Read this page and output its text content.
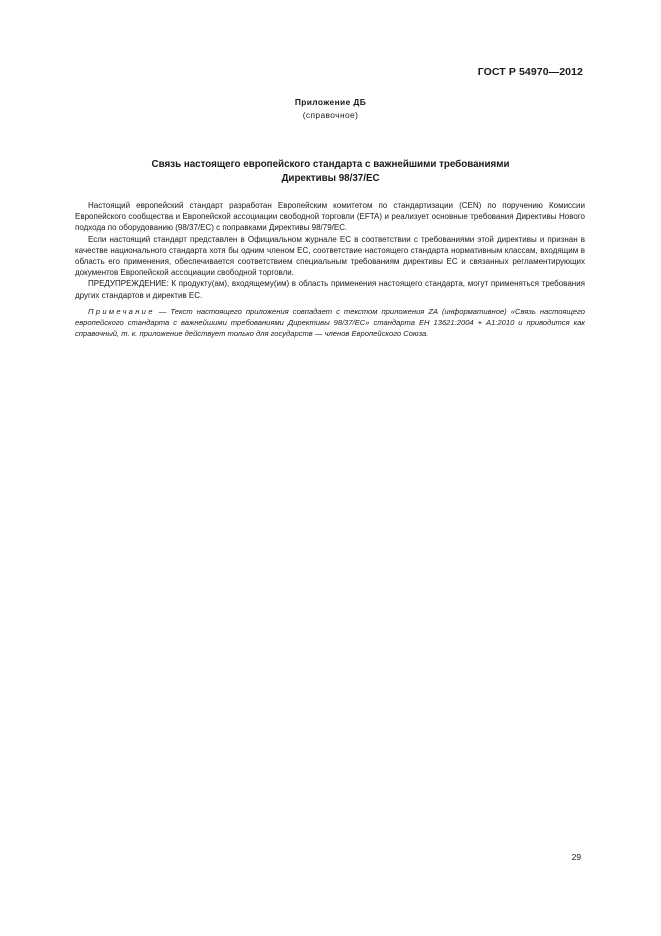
ГОСТ Р 54970—2012
Приложение ДБ
(справочное)
Связь настоящего европейского стандарта с важнейшими требованиями
Директивы 98/37/EC

Настоящий европейский стандарт разработан Европейским комитетом по стандартизации (CEN) по поручению Комиссии Европейского сообщества и Европейской ассоциации свободной торговли (EFTA) и реализует основные требования Директивы Нового подхода по оборудованию (98/37/EC) с поправками Директивы 98/79/EC.

Если настоящий стандарт представлен в Официальном журнале ЕС в соответствии с требованиями этой директивы и признан в качестве национального стандарта хотя бы одним членом ЕС, соответствие настоящего стандарта нормативным классам, входящим в область его применения, обеспечивается соответствием специальным требованиям директивы ЕС и связанных регламентирующих документов Европейской ассоциации свободной торговли.

ПРЕДУПРЕЖДЕНИЕ: К продукту(ам), входящему(им) в область применения настоящего стандарта, могут применяться требования других стандартов и директив ЕС.

Примечание — Текст настоящего приложения совпадает с текстом приложения ZA (информативное) «Связь настоящего европейского стандарта с важнейшими требованиями Директивы 98/37/ЕС» стандарта ЕН 13621:2004 + А1:2010 и приводится как справочный, т. к. приложение действует только для государств — членов Европейского Союза.

29
